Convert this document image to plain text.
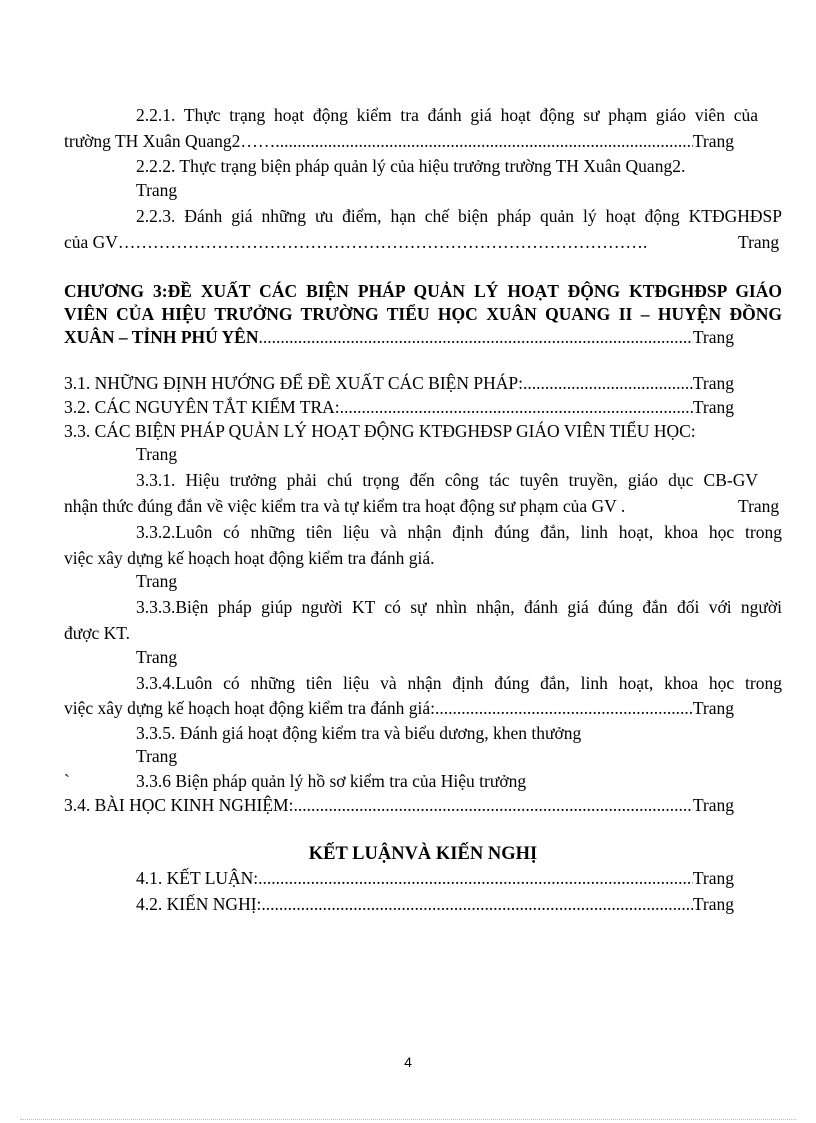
2.2.1. Thực trạng hoạt động kiểm tra đánh giá hoạt động sư phạm giáo viên của
trường TH Xuân Quang2…… .....	Trang
2.2.2. Thực trạng biện pháp quản lý của hiệu trưởng trường TH Xuân Quang2.
Trang
2.2.3. Đánh giá những ưu điểm, hạn chế biện pháp quản lý hoạt động KTĐGHĐSP
của GV……………………………………………………………………………….	Trang
CHƯƠNG 3:ĐỀ XUẤT CÁC BIỆN PHÁP QUẢN LÝ HOẠT ĐỘNG KTĐGHĐSP GIÁO
VIÊN CỦA HIỆU TRƯỞNG TRƯỜNG TIỂU HỌC XUÂN QUANG II – HUYỆN ĐỒNG
XUÂN – TỈNH PHÚ YÊN .....	Trang
3.1. NHỮNG ĐỊNH HƯỚNG ĐỂ ĐỀ XUẤT CÁC BIỆN PHÁP: .....	Trang
3.2. CÁC NGUYÊN TẮT KIỂM TRA: .....	Trang
3.3. CÁC BIỆN PHÁP QUẢN LÝ HOẠT ĐỘNG KTĐGHĐSP GIÁO VIÊN TIỂU HỌC:
Trang
3.3.1. Hiệu trưởng phải chú trọng đến công tác tuyên truyền, giáo dục CB-GV
nhận thức đúng đắn về việc kiểm tra và tự kiểm tra hoạt động sư phạm của GV .	Trang
3.3.2.Luôn có những tiên liệu và nhận định đúng đắn, linh hoạt, khoa học trong
việc xây dựng kế hoạch hoạt động kiểm tra đánh giá.
Trang
3.3.3.Biện pháp giúp người KT có sự nhìn nhận, đánh giá đúng đắn đối với người
được KT.
Trang
3.3.4.Luôn có những tiên liệu và nhận định đúng đắn, linh hoạt, khoa học trong
việc xây dựng kế hoạch hoạt động kiểm tra đánh giá: .....	Trang
3.3.5. Đánh giá hoạt động kiểm tra và biểu dương, khen thưởng
Trang
`	3.3.6 Biện pháp quản lý hồ sơ kiểm tra của Hiệu trưởng
3.4. BÀI HỌC KINH NGHIỆM: .....	Trang
KẾT LUẬNVÀ KIẾN NGHỊ
4.1. KẾT LUẬN: .....	Trang
4.2. KIẾN NGHỊ: .....	Trang
4
